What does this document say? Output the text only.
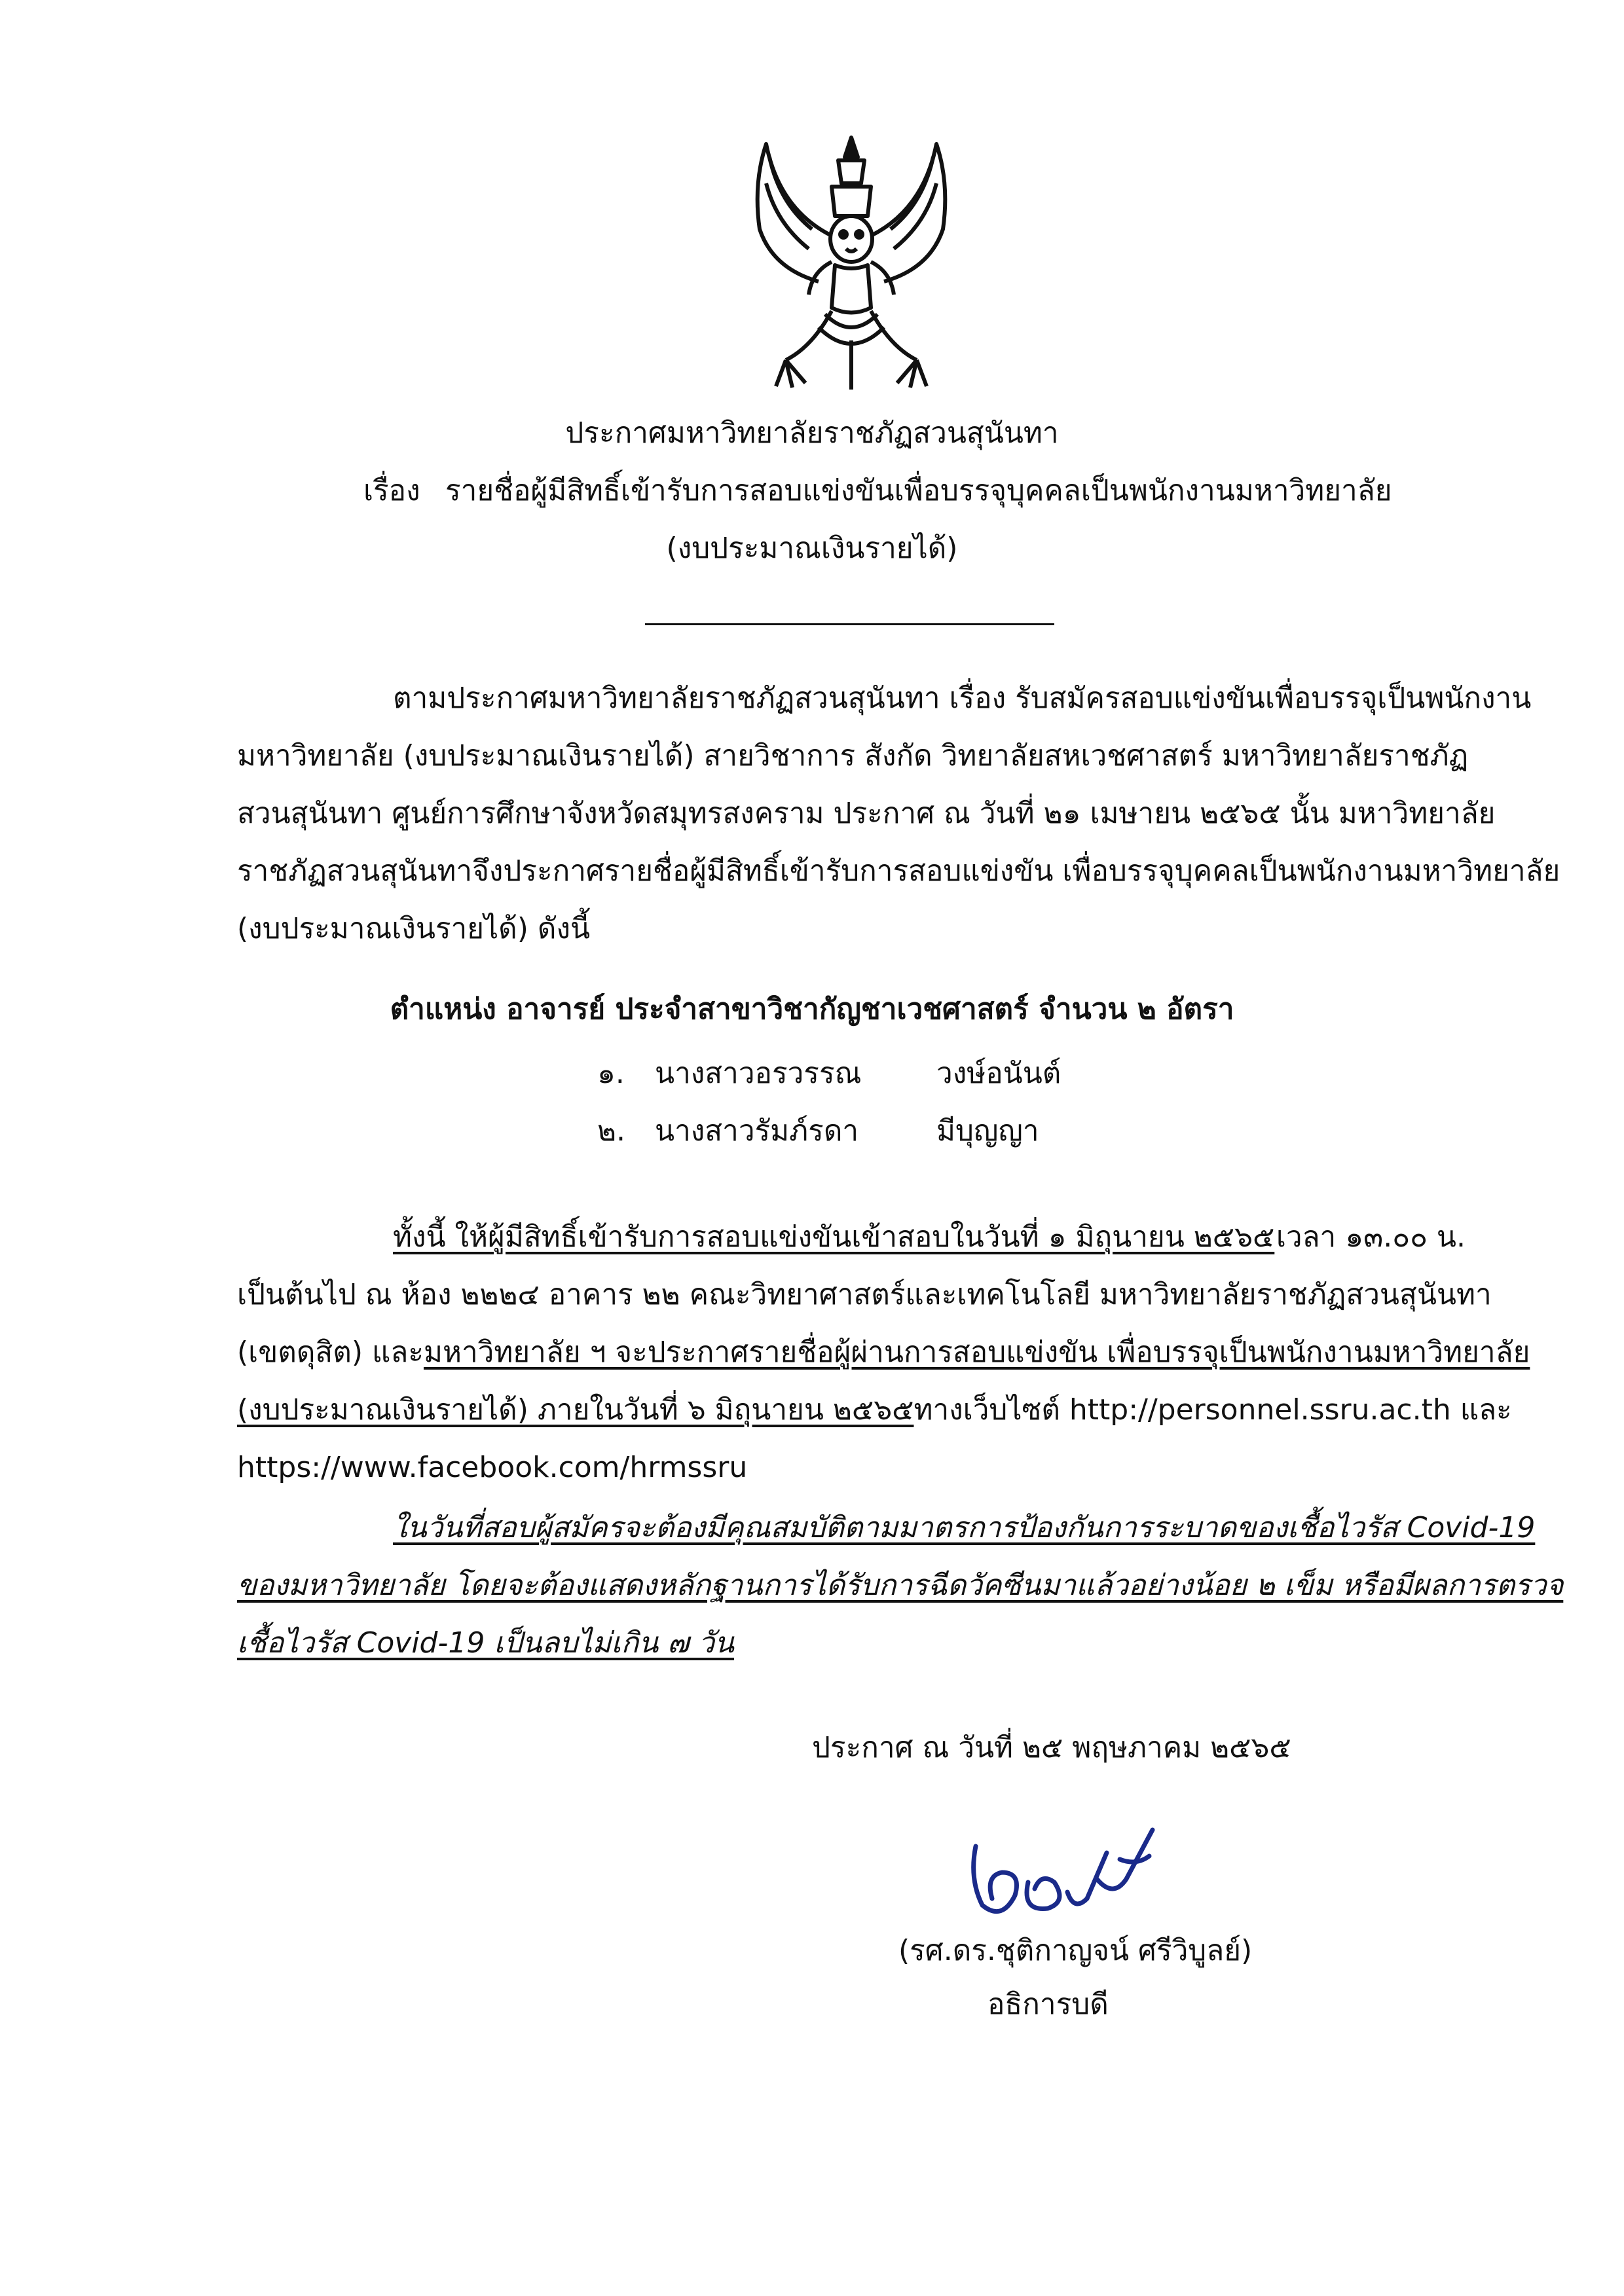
ประกาศมหาวิทยาลัยราชภัฏสวนสุนันทา
เรื่อง รายชื่อผู้มีสิทธิ์เข้ารับการสอบแข่งขันเพื่อบรรจุบุคคลเป็นพนักงานมหาวิทยาลัย
(งบประมาณเงินรายได้)
ตามประกาศมหาวิทยาลัยราชภัฏสวนสุนันทา เรื่อง รับสมัครสอบแข่งขันเพื่อบรรจุเป็นพนักงาน
มหาวิทยาลัย (งบประมาณเงินรายได้) สายวิชาการ สังกัด วิทยาลัยสหเวชศาสตร์ มหาวิทยาลัยราชภัฏ
สวนสุนันทา ศูนย์การศึกษาจังหวัดสมุทรสงคราม ประกาศ ณ วันที่ ๒๑ เมษายน ๒๕๖๕ นั้น มหาวิทยาลัย
ราชภัฏสวนสุนันทาจึงประกาศรายชื่อผู้มีสิทธิ์เข้ารับการสอบแข่งขัน เพื่อบรรจุบุคคลเป็นพนักงานมหาวิทยาลัย
(งบประมาณเงินรายได้) ดังนี้
ตำแหน่ง อาจารย์ ประจำสาขาวิชากัญชาเวชศาสตร์ จำนวน ๒ อัตรา
๑. นางสาวอรวรรณ	วงษ์อนันต์
๒. นางสาวรัมภ์รดา	มีบุญญา
ทั้งนี้ ให้ผู้มีสิทธิ์เข้ารับการสอบแข่งขันเข้าสอบในวันที่ ๑ มิถุนายน ๒๕๖๕ เวลา ๑๓.๐๐ น.
เป็นต้นไป ณ ห้อง ๒๒๒๔ อาคาร ๒๒ คณะวิทยาศาสตร์และเทคโนโลยี มหาวิทยาลัยราชภัฏสวนสุนันทา
(เขตดุสิต) และ มหาวิทยาลัย ฯ จะประกาศรายชื่อผู้ผ่านการสอบแข่งขัน เพื่อบรรจุเป็นพนักงานมหาวิทยาลัย
(งบประมาณเงินรายได้) ภายในวันที่ ๖ มิถุนายน ๒๕๖๕ ทางเว็บไซต์ http://personnel.ssru.ac.th และ
https://www.facebook.com/hrmssru
ในวันที่สอบผู้สมัครจะต้องมีคุณสมบัติตามมาตรการป้องกันการระบาดของเชื้อไวรัส Covid-19
ของมหาวิทยาลัย โดยจะต้องแสดงหลักฐานการได้รับการฉีดวัคซีนมาแล้วอย่างน้อย ๒ เข็ม หรือมีผลการตรวจ
เชื้อไวรัส Covid-19 เป็นลบไม่เกิน ๗ วัน
ประกาศ ณ วันที่ ๒๕ พฤษภาคม ๒๕๖๕
(รศ.ดร.ชุติกาญจน์ ศรีวิบูลย์)
อธิการบดี
